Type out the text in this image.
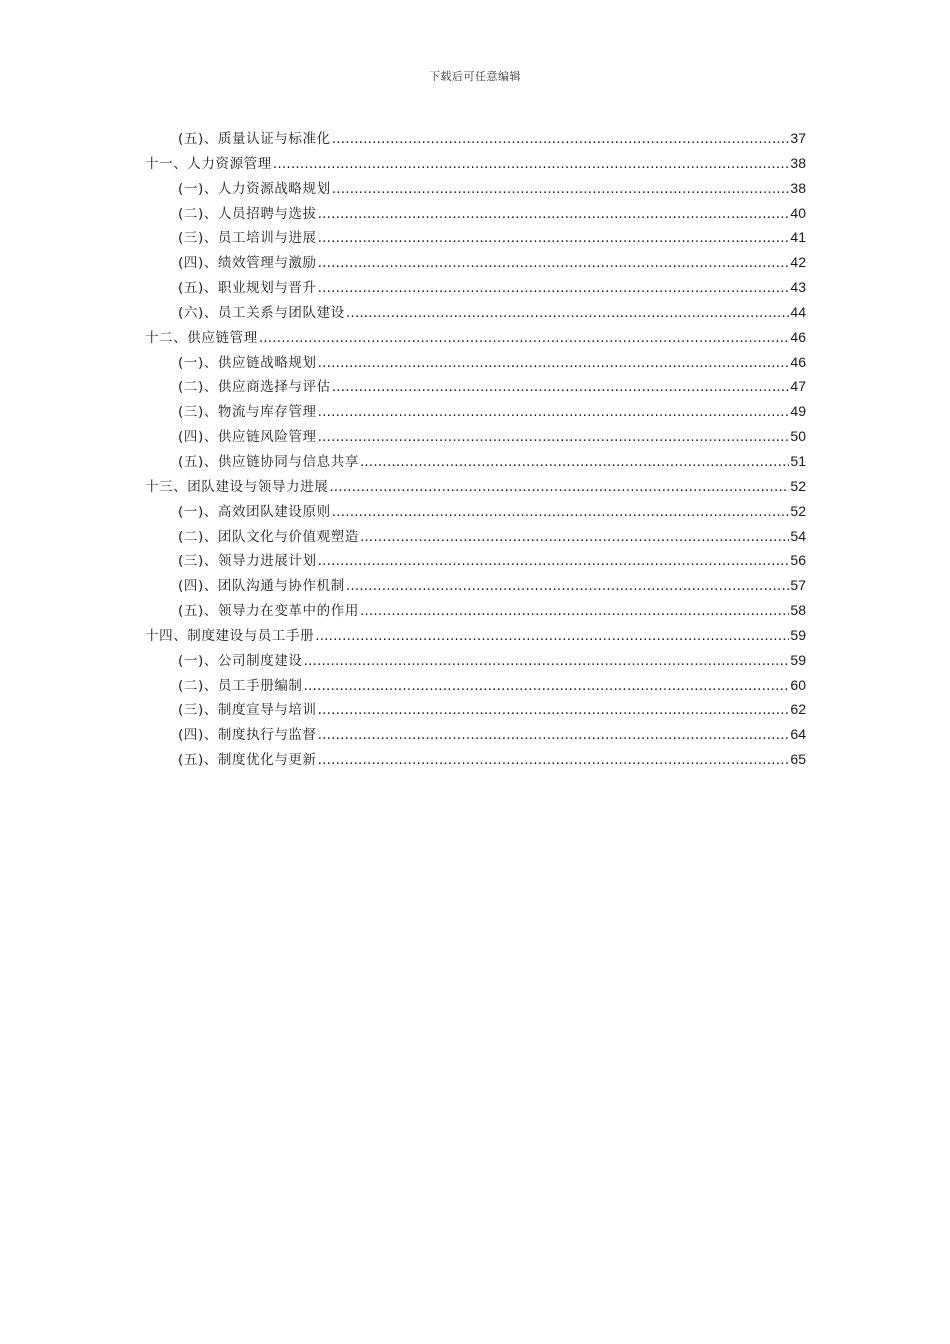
下载后可任意编辑
(五)、质量认证与标准化 .....	37
十一、人力资源管理 .....	38
(一)、人力资源战略规划 .....	38
(二)、人员招聘与选拔 .....	40
(三)、员工培训与进展 .....	41
(四)、绩效管理与激励 .....	42
(五)、职业规划与晋升 .....	43
(六)、员工关系与团队建设 .....	44
十二、供应链管理 .....	46
(一)、供应链战略规划 .....	46
(二)、供应商选择与评估 .....	47
(三)、物流与库存管理 .....	49
(四)、供应链风险管理 .....	50
(五)、供应链协同与信息共享 .....	51
十三、团队建设与领导力进展 .....	52
(一)、高效团队建设原则 .....	52
(二)、团队文化与价值观塑造 .....	54
(三)、领导力进展计划 .....	56
(四)、团队沟通与协作机制 .....	57
(五)、领导力在变革中的作用 .....	58
十四、制度建设与员工手册 .....	59
(一)、公司制度建设 .....	59
(二)、员工手册编制 .....	60
(三)、制度宣导与培训 .....	62
(四)、制度执行与监督 .....	64
(五)、制度优化与更新 .....	65
